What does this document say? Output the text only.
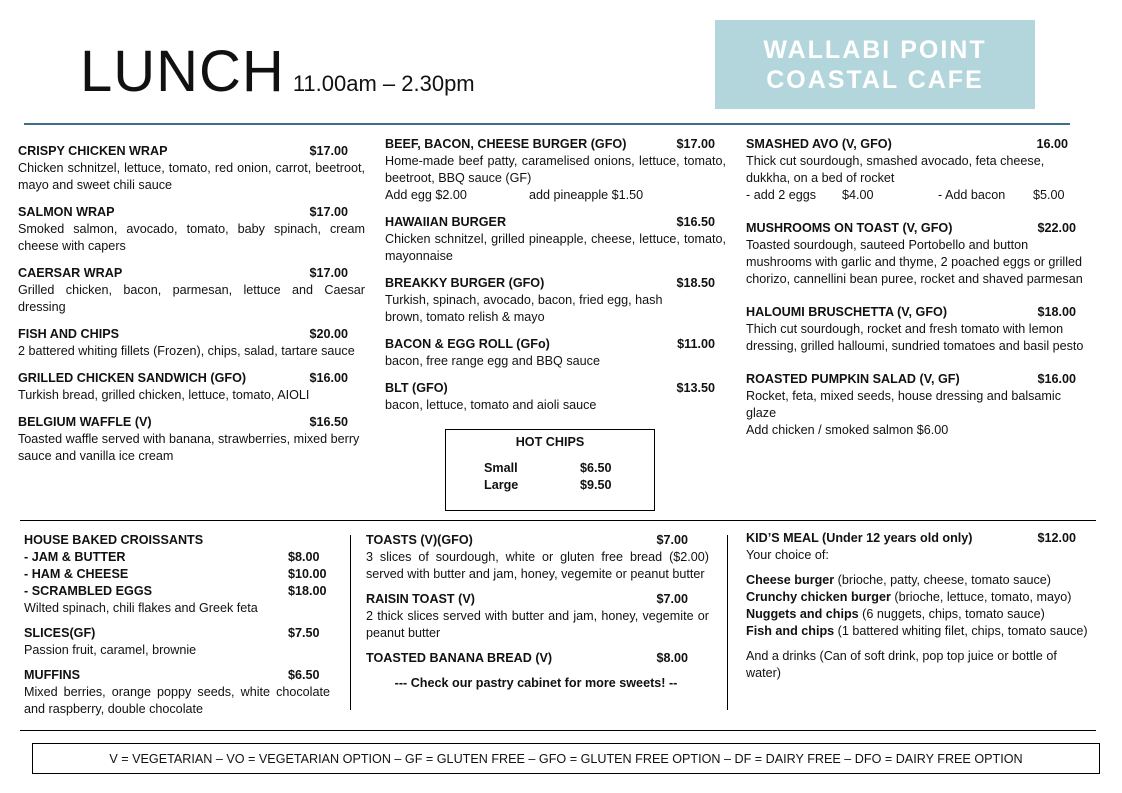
LUNCH 11.00am – 2.30pm
WALLABI POINT
COASTAL CAFE
CRISPY CHICKEN WRAP	$17.00
Chicken schnitzel, lettuce, tomato, red onion, carrot, beetroot, mayo and sweet chili sauce
SALMON WRAP	$17.00
Smoked salmon, avocado, tomato, baby spinach, cream cheese with capers
CAERSAR WRAP	$17.00
Grilled chicken, bacon, parmesan, lettuce and Caesar dressing
FISH AND CHIPS	$20.00
2 battered whiting fillets (Frozen), chips, salad, tartare sauce
GRILLED CHICKEN SANDWICH (GFO)	$16.00
Turkish bread, grilled chicken, lettuce, tomato, AIOLI
BELGIUM WAFFLE (V)	$16.50
Toasted waffle served with banana, strawberries, mixed berry sauce and vanilla ice cream
BEEF, BACON, CHEESE BURGER (GFO)	$17.00
Home-made beef patty, caramelised onions, lettuce, tomato, beetroot, BBQ sauce (GF)
Add egg $2.00	add pineapple $1.50
HAWAIIAN BURGER	$16.50
Chicken schnitzel, grilled pineapple, cheese, lettuce, tomato, mayonnaise
BREAKKY BURGER (GFO)	$18.50
Turkish, spinach, avocado, bacon, fried egg, hash brown, tomato relish & mayo
BACON & EGG ROLL (GFo)	$11.00
bacon, free range egg and BBQ sauce
BLT (GFO)	$13.50
bacon, lettuce, tomato and aioli sauce
HOT CHIPS
Small	$6.50
Large	$9.50
SMASHED AVO (V, GFO)	16.00
Thick cut sourdough, smashed avocado, feta cheese, dukkha, on a bed of rocket
- add 2 eggs	$4.00	- Add bacon	$5.00
MUSHROOMS ON TOAST (V, GFO)	$22.00
Toasted sourdough, sauteed Portobello and button mushrooms with garlic and thyme, 2 poached eggs or grilled chorizo, cannellini bean puree, rocket and shaved parmesan
HALOUMI BRUSCHETTA (V, GFO)	$18.00
Thich cut sourdough, rocket and fresh tomato with lemon dressing, grilled halloumi, sundried tomatoes and basil pesto
ROASTED PUMPKIN SALAD (V, GF)	$16.00
Rocket, feta, mixed seeds, house dressing and balsamic glaze
Add chicken / smoked salmon $6.00
HOUSE BAKED CROISSANTS
- JAM & BUTTER	$8.00
- HAM & CHEESE	$10.00
- SCRAMBLED EGGS	$18.00
Wilted spinach, chili flakes and Greek feta
SLICES(GF)	$7.50
Passion fruit, caramel, brownie
MUFFINS	$6.50
Mixed berries, orange poppy seeds, white chocolate and raspberry, double chocolate
TOASTS (V)(GFO)	$7.00
3 slices of sourdough, white or gluten free bread ($2.00) served with butter and jam, honey, vegemite or peanut butter
RAISIN TOAST (V)	$7.00
2 thick slices served with butter and jam, honey, vegemite or peanut butter
TOASTED BANANA BREAD (V)	$8.00
--- Check our pastry cabinet for more sweets! --
KID’S MEAL (Under 12 years old only)	$12.00
Your choice of:
Cheese burger (brioche, patty, cheese, tomato sauce)
Crunchy chicken burger (brioche, lettuce, tomato, mayo)
Nuggets and chips (6 nuggets, chips, tomato sauce)
Fish and chips (1 battered whiting filet, chips, tomato sauce)
And a drinks (Can of soft drink, pop top juice or bottle of water)
V = VEGETARIAN – VO = VEGETARIAN OPTION – GF = GLUTEN FREE – GFO = GLUTEN FREE OPTION – DF = DAIRY FREE – DFO = DAIRY FREE OPTION
